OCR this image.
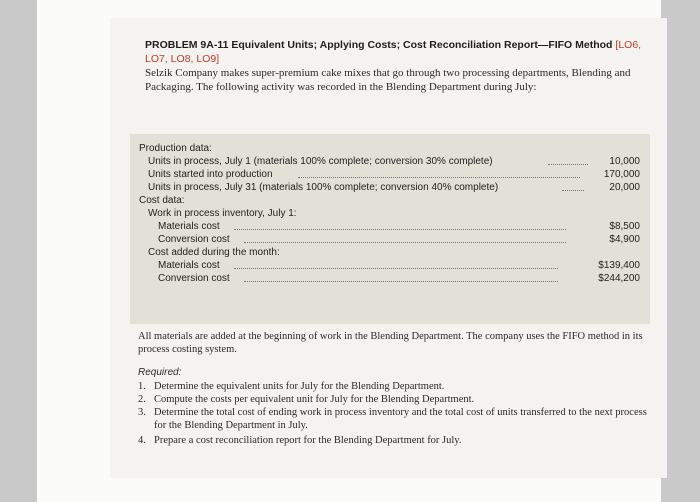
PROBLEM 9A-11 Equivalent Units; Applying Costs; Cost Reconciliation Report—FIFO Method [LO6, LO7, LO8, LO9]
Selzik Company makes super-premium cake mixes that go through two processing departments, Blending and Packaging. The following activity was recorded in the Blending Department during July:
Production data:
Units in process, July 1 (materials 100% complete; conversion 30% complete)	10,000
Units started into production	170,000
Units in process, July 31 (materials 100% complete; conversion 40% complete)	20,000
Cost data:
Work in process inventory, July 1:
Materials cost	$8,500
Conversion cost	$4,900
Cost added during the month:
Materials cost	$139,400
Conversion cost	$244,200
All materials are added at the beginning of work in the Blending Department. The company uses the FIFO method in its process costing system.
Required:
1. Determine the equivalent units for July for the Blending Department.
2. Compute the costs per equivalent unit for July for the Blending Department.
3. Determine the total cost of ending work in process inventory and the total cost of units transferred to the next process for the Blending Department in July.
4. Prepare a cost reconciliation report for the Blending Department for July.
